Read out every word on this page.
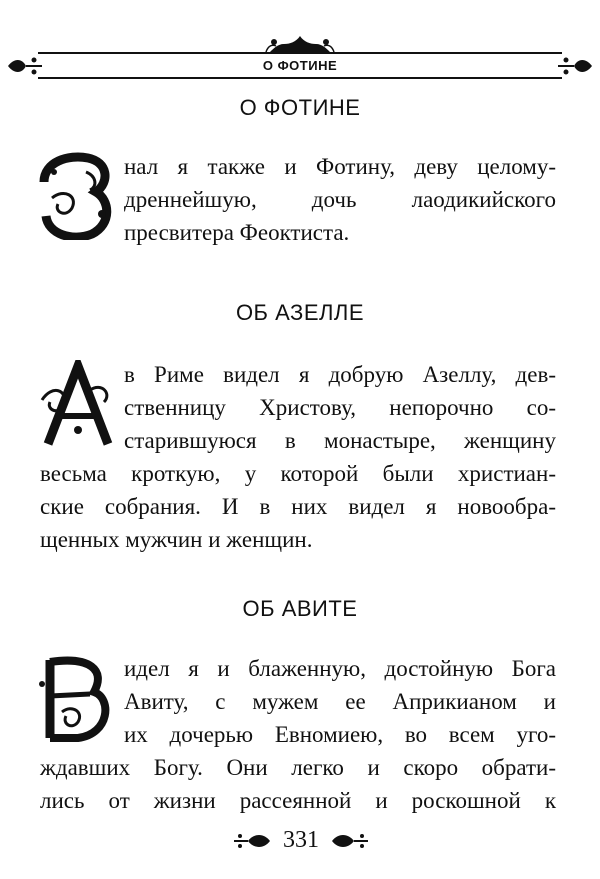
О ФОТИНЕ
О ФОТИНЕ
нал я также и Фотину, деву целому-
дреннейшую, дочь лаодикийского
пресвитера Феоктиста.
ОБ АЗЕЛЛЕ
в Риме видел я добрую Азеллу, дев-
ственницу Христову, непорочно со-
старившуюся в монастыре, женщину
весьма кроткую, у которой были христиан-
ские собрания. И в них видел я новообра-
щенных мужчин и женщин.
ОБ АВИТЕ
идел я и блаженную, достойную Бога
Авиту, с мужем ее Априкианом и
их дочерью Евномиею, во всем уго-
ждавших Богу. Они легко и скоро обрати-
лись от жизни рассеянной и роскошной к
331
